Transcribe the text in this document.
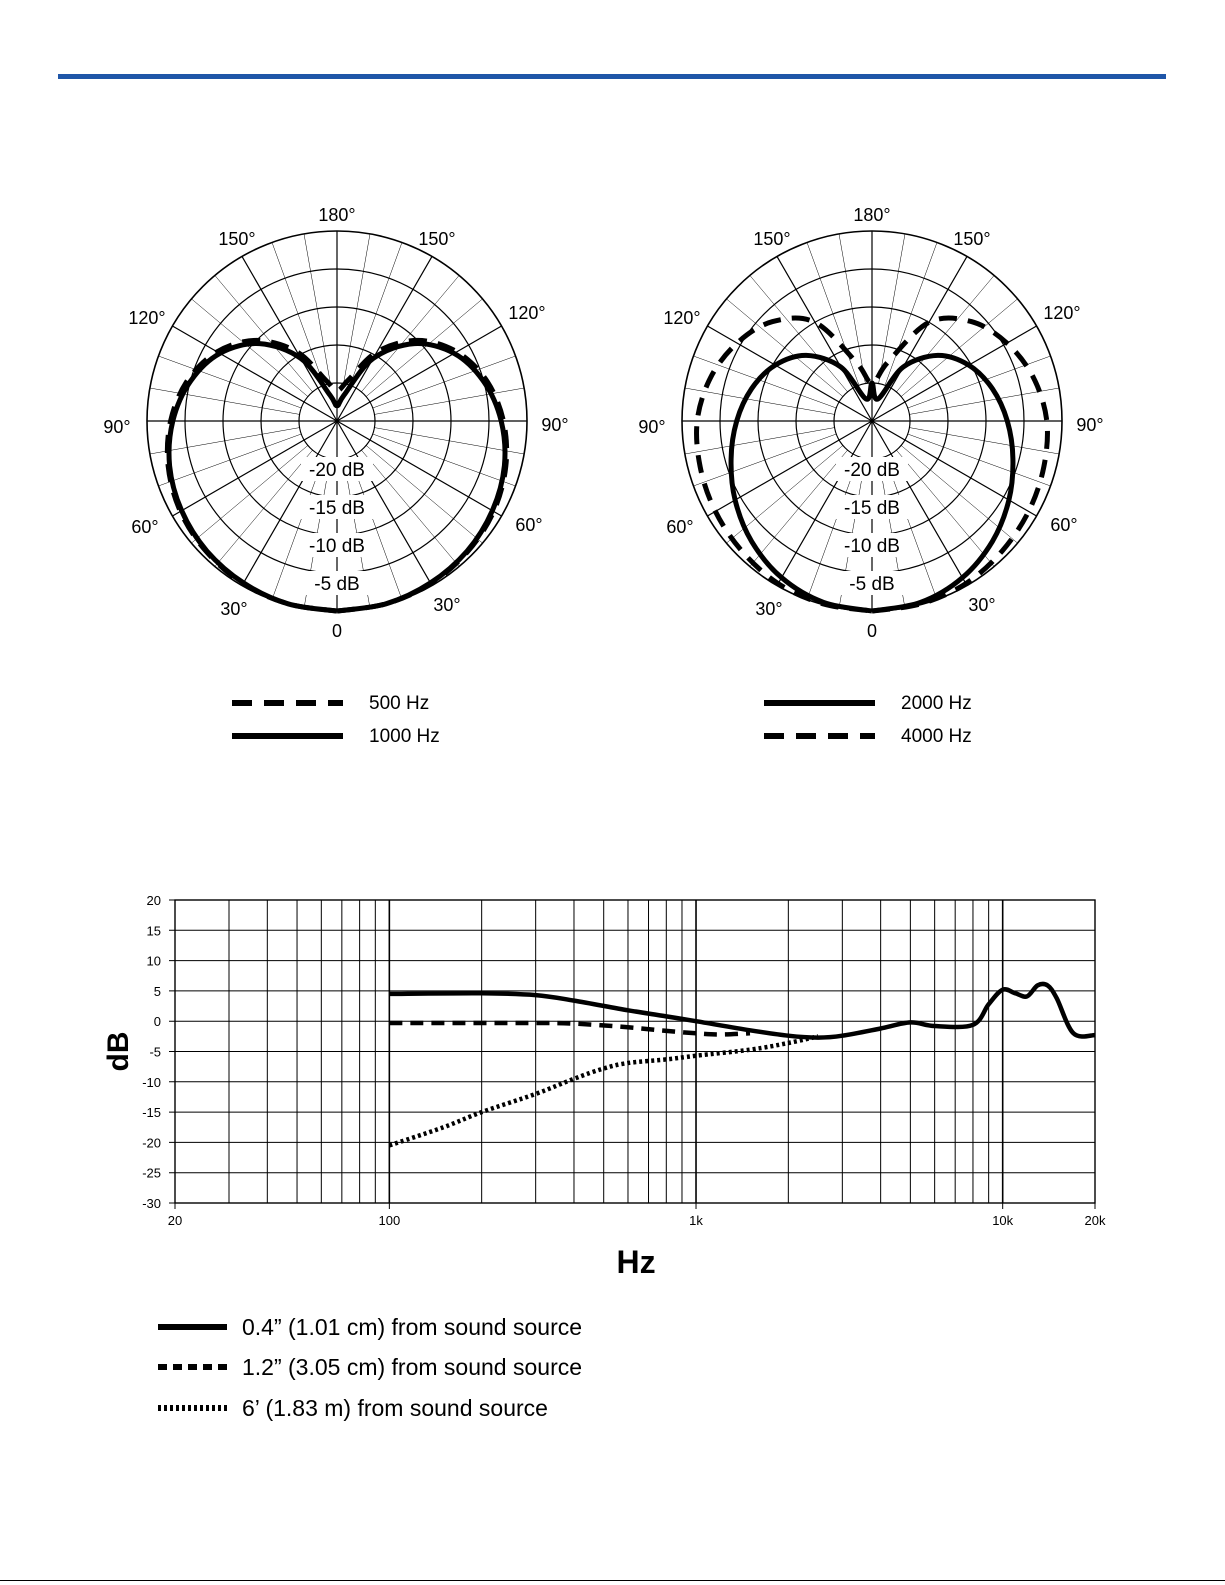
180°
150°	150°
120°	120°
90°	90°
60°	60°
30°	30°
0
-20 dB
-15 dB
-10 dB
-5 dB
180°
150°	150°
120°	120°
90°	90°
60°	60°
30°	30°
0
-20 dB
-15 dB
-10 dB
-5 dB
500 Hz
1000 Hz
2000 Hz
4000 Hz
20
15
10
5
0
-5
-10
-15
-20
-25
-30
20	100	1k	10k	20k
Hz
dB
0.4” (1.01 cm) from sound source
1.2” (3.05 cm) from sound source
6’ (1.83 m) from sound source
